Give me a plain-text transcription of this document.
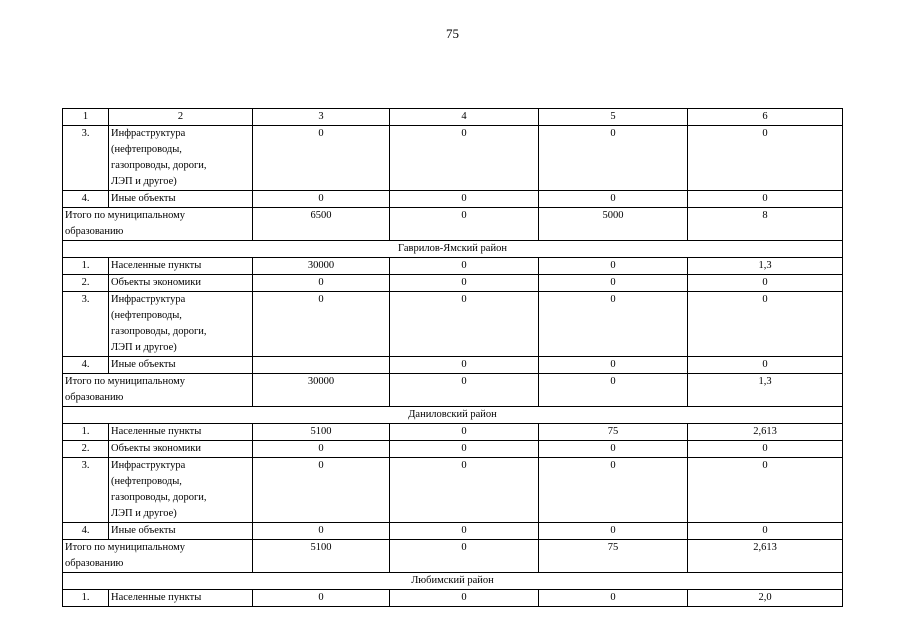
75
1	2	3	4	5	6
3.	Инфраструктура
(нефтепроводы,
газопроводы, дороги,
ЛЭП и другое)	0	0	0	0
4.	Иные объекты	0	0	0	0
Итого по муниципальному
образованию		6500	0	5000	8
Гаврилов-Ямский район					
1.	Населенные пункты	30000	0	0	1,3
2.	Объекты экономики	0	0	0	0
3.	Инфраструктура
(нефтепроводы,
газопроводы, дороги,
ЛЭП и другое)	0	0	0	0
4.	Иные объекты		0	0	0
Итого по муниципальному
образованию		30000	0	0	1,3
Даниловский район					
1.	Населенные пункты	5100	0	75	2,613
2.	Объекты экономики	0	0	0	0
3.	Инфраструктура
(нефтепроводы,
газопроводы, дороги,
ЛЭП и другое)	0	0	0	0
4.	Иные объекты	0	0	0	0
Итого по муниципальному
образованию		5100	0	75	2,613
Любимский район					
1.	Населенные пункты	0	0	0	2,0
